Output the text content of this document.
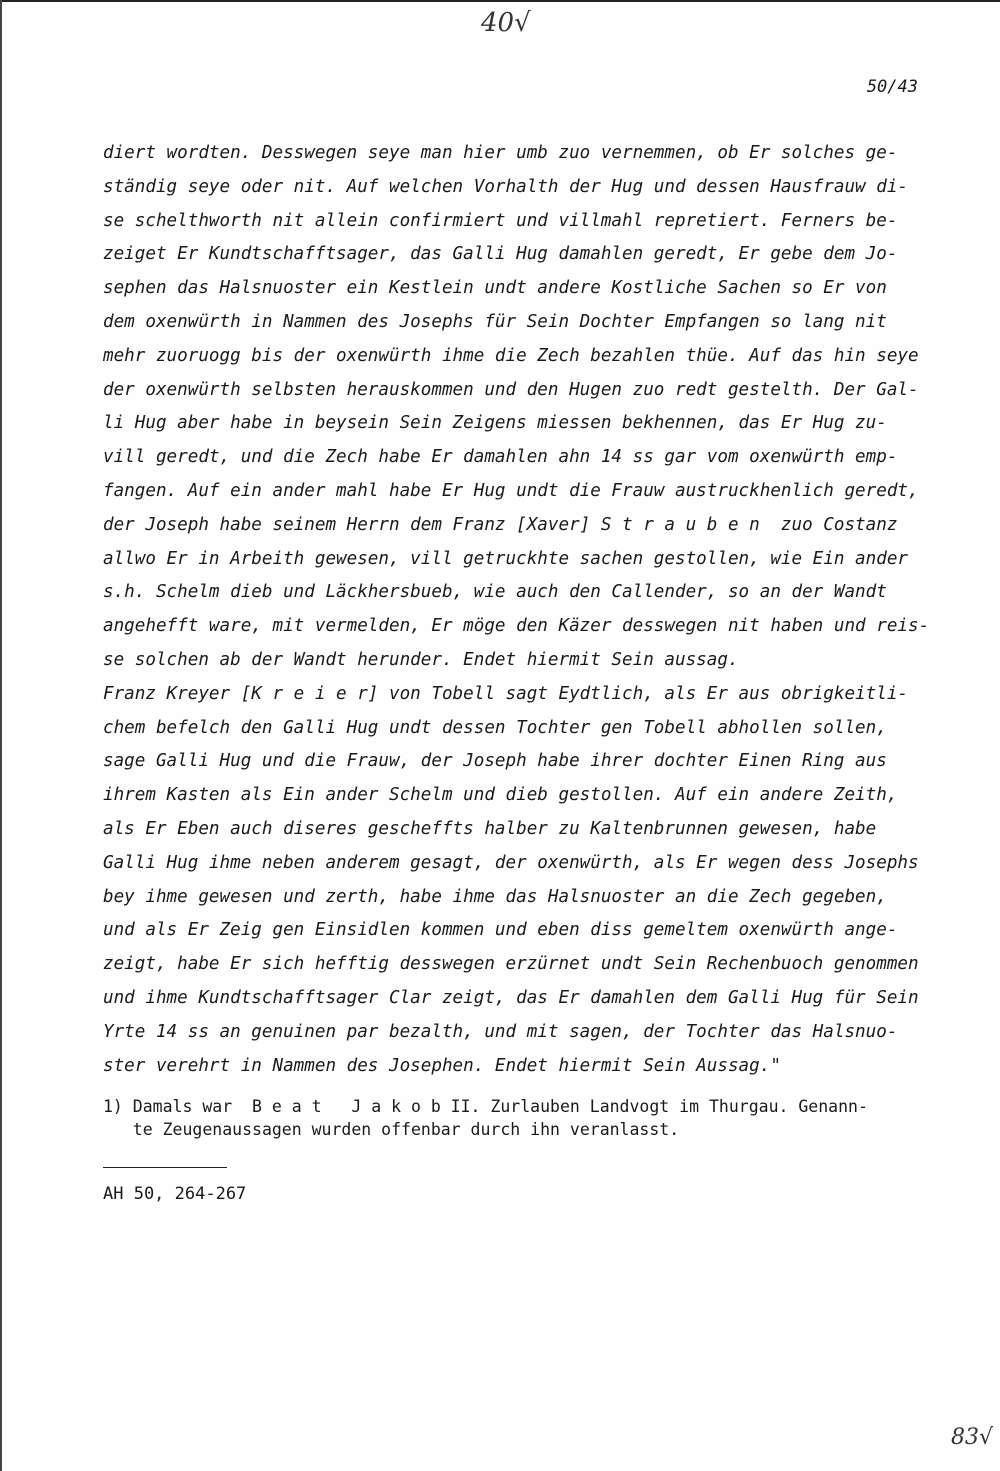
40√
50/43
diert wordten. Desswegen seye man hier umb zuo vernemmen, ob Er solches ge-
ständig seye oder nit. Auf welchen Vorhalth der Hug und dessen Hausfrauw di-
se schelthworth nit allein confirmiert und villmahl repretiert. Ferners be-
zeiget Er Kundtschafftsager, das Galli Hug damahlen geredt, Er gebe dem Jo-
sephen das Halsnuoster ein Kestlein undt andere Kostliche Sachen so Er von
dem oxenwürth in Nammen des Josephs für Sein Dochter Empfangen so lang nit
mehr zuoruogg bis der oxenwürth ihme die Zech bezahlen thüe. Auf das hin seye
der oxenwürth selbsten herauskommen und den Hugen zuo redt gestelth. Der Gal-
li Hug aber habe in beysein Sein Zeigens miessen bekhennen, das Er Hug zu-
vill geredt, und die Zech habe Er damahlen ahn 14 ss gar vom oxenwürth emp-
fangen. Auf ein ander mahl habe Er Hug undt die Frauw austruckhenlich geredt,
der Joseph habe seinem Herrn dem Franz [Xaver] S t r a u b e n  zuo Costanz
allwo Er in Arbeith gewesen, vill getruckhte sachen gestollen, wie Ein ander
s.h. Schelm dieb und Läckhersbueb, wie auch den Callender, so an der Wandt
angehefft ware, mit vermelden, Er möge den Käzer desswegen nit haben und reis-
se solchen ab der Wandt herunder. Endet hiermit Sein aussag.
Franz Kreyer [K r e i e r] von Tobell sagt Eydtlich, als Er aus obrigkeitli-
chem befelch den Galli Hug undt dessen Tochter gen Tobell abhollen sollen,
sage Galli Hug und die Frauw, der Joseph habe ihrer dochter Einen Ring aus
ihrem Kasten als Ein ander Schelm und dieb gestollen. Auf ein andere Zeith,
als Er Eben auch diseres gescheffts halber zu Kaltenbrunnen gewesen, habe
Galli Hug ihme neben anderem gesagt, der oxenwürth, als Er wegen dess Josephs
bey ihme gewesen und zerth, habe ihme das Halsnuoster an die Zech gegeben,
und als Er Zeig gen Einsidlen kommen und eben diss gemeltem oxenwürth ange-
zeigt, habe Er sich hefftig desswegen erzürnet undt Sein Rechenbuoch genommen
und ihme Kundtschafftsager Clar zeigt, das Er damahlen dem Galli Hug für Sein
Yrte 14 ss an genuinen par bezalth, und mit sagen, der Tochter das Halsnuo-
ster verehrt in Nammen des Josephen. Endet hiermit Sein Aussag."
1) Damals war  B e a t   J a k o b II. Zurlauben Landvogt im Thurgau. Genann-
te Zeugenaussagen wurden offenbar durch ihn veranlasst.
AH 50, 264-267
83√
